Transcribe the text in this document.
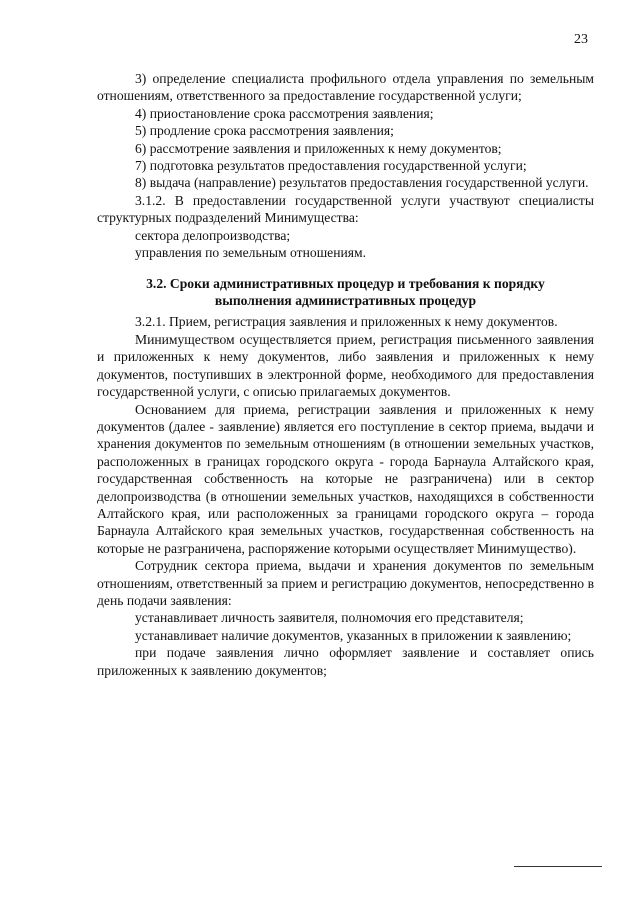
23

3) определение специалиста профильного отдела управления по земельным отношениям, ответственного за предоставление государственной услуги;

4) приостановление срока рассмотрения заявления;

5) продление срока рассмотрения заявления;

6) рассмотрение заявления и приложенных к нему документов;

7) подготовка результатов предоставления государственной услуги;

8) выдача (направление) результатов предоставления государственной услуги.

3.1.2. В предоставлении государственной услуги участвуют специалисты структурных подразделений Минимущества:

сектора делопроизводства;

управления по земельным отношениям.

3.2. Сроки административных процедур и требования к порядку выполнения административных процедур

3.2.1. Прием, регистрация заявления и приложенных к нему документов.

Минимуществом осуществляется прием, регистрация письменного заявления и приложенных к нему документов, либо заявления и приложенных к нему документов, поступивших в электронной форме, необходимого для предоставления государственной услуги, с описью прилагаемых документов.

Основанием для приема, регистрации заявления и приложенных к нему документов (далее - заявление) является его поступление в сектор приема, выдачи и хранения документов по земельным отношениям (в отношении земельных участков, расположенных в границах городского округа - города Барнаула Алтайского края, государственная собственность на которые не разграничена) или в сектор делопроизводства (в отношении земельных участков, находящихся в собственности Алтайского края, или расположенных за границами городского округа – города Барнаула Алтайского края земельных участков, государственная собственность на которые не разграничена, распоряжение которыми осуществляет Минимущество).

Сотрудник сектора приема, выдачи и хранения документов по земельным отношениям, ответственный за прием и регистрацию документов, непосредственно в день подачи заявления:

устанавливает личность заявителя, полномочия его представителя;

устанавливает наличие документов, указанных в приложении к заявлению;

при подаче заявления лично оформляет заявление и составляет опись приложенных к заявлению документов;
